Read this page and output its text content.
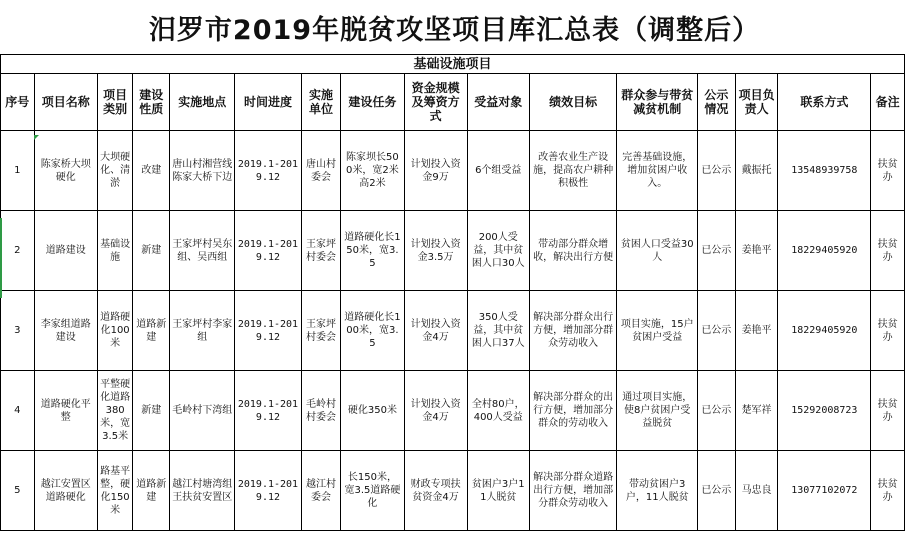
汨罗市2019年脱贫攻坚项目库汇总表（调整后）
基础设施项目															
序号	项目名称	项目类别	建设性质	实施地点	时间进度	实施单位	建设任务	资金规模及筹资方式	受益对象	绩效目标	群众参与带贫减贫机制	公示情况	项目负责人	联系方式	备注
1	陈家桥大坝硬化	大坝硬化、清淤	改建	唐山村湘营线陈家大桥下边	2019.1-2019.12	唐山村委会	陈家坝长500米，宽2米高2米	计划投入资金9万	6个组受益	改善农业生产设施，提高农户耕种积极性	完善基础设施，增加贫困户收入。	已公示	戴振托	13548939758	扶贫办
2	道路建设	基础设施	新建	王家坪村吴东组、吴西组	2019.1-2019.12	王家坪村委会	道路硬化长150米，宽3.5	计划投入资金3.5万	200人受益，其中贫困人口30人	带动部分群众增收，解决出行方便	贫困人口受益30人	已公示	姜艳平	18229405920	扶贫办
3	李家组道路建设	道路硬化100米	道路新建	王家坪村李家组	2019.1-2019.12	王家坪村委会	道路硬化长100米，宽3.5	计划投入资金4万	350人受益，其中贫困人口37人	解决部分群众出行方便，增加部分群众劳动收入	项目实施，15户贫困户受益	已公示	姜艳平	18229405920	扶贫办
4	道路硬化平整	平整硬化道路380米，宽3.5米	新建	毛岭村下湾组	2019.1-2019.12	毛岭村村委会	硬化350米	计划投入资金4万	全村80户，400人受益	解决部分群众的出行方便，增加部分群众的劳动收入	通过项目实施，使8户贫困户受益脱贫	已公示	楚军祥	15292008723	扶贫办
5	越江安置区道路硬化	路基平整，硬化150米	道路新建	越江村塘湾组王扶贫安置区	2019.1-2019.12	越江村委会	长150米，宽3.5道路硬化	财政专项扶贫资金4万	贫困户3户11人脱贫	解决部分群众道路出行方便，增加部分群众劳动收入	带动贫困户3户，11人脱贫	已公示	马忠良	13077102072	扶贫办
